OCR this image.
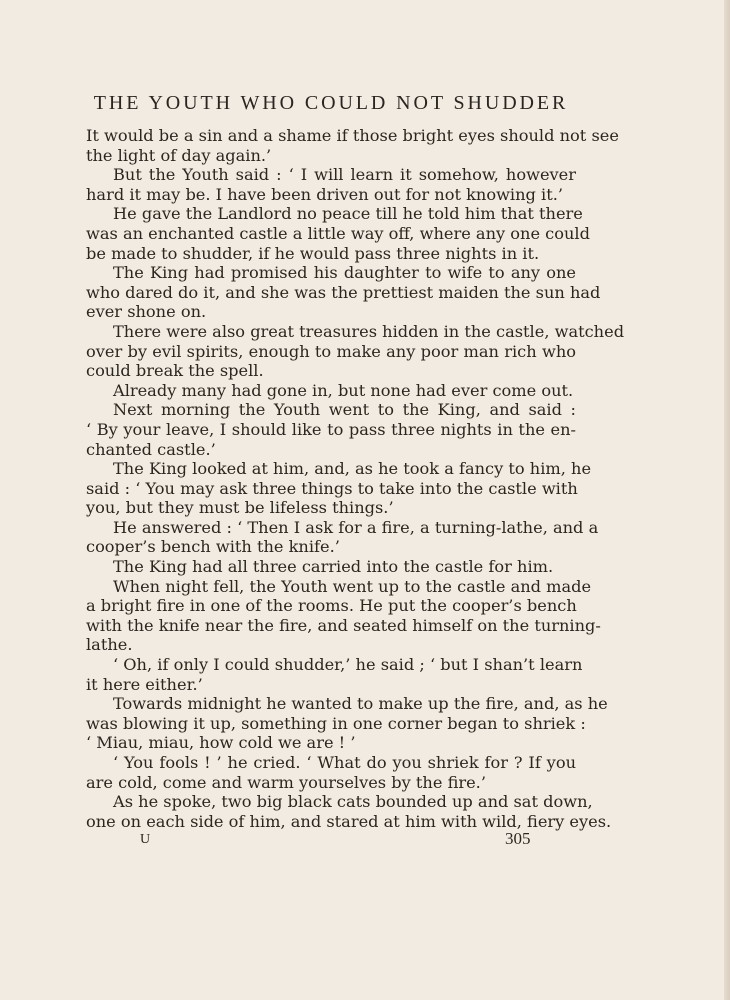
THE YOUTH WHO COULD NOT SHUDDER
It would be a sin and a shame if those bright eyes should not see
the light of day again.’
But the Youth said : ‘ I will learn it somehow, however
hard it may be. I have been driven out for not knowing it.’
He gave the Landlord no peace till he told him that there
was an enchanted castle a little way off, where any one could
be made to shudder, if he would pass three nights in it.
The King had promised his daughter to wife to any one
who dared do it, and she was the prettiest maiden the sun had
ever shone on.
There were also great treasures hidden in the castle, watched
over by evil spirits, enough to make any poor man rich who
could break the spell.
Already many had gone in, but none had ever come out.
Next morning the Youth went to the King, and said :
‘ By your leave, I should like to pass three nights in the en-
chanted castle.’
The King looked at him, and, as he took a fancy to him, he
said : ‘ You may ask three things to take into the castle with
you, but they must be lifeless things.’
He answered : ‘ Then I ask for a fire, a turning-lathe, and a
cooper’s bench with the knife.’
The King had all three carried into the castle for him.
When night fell, the Youth went up to the castle and made
a bright fire in one of the rooms. He put the cooper’s bench
with the knife near the fire, and seated himself on the turning-
lathe.
‘ Oh, if only I could shudder,’ he said ; ‘ but I shan’t learn
it here either.’
Towards midnight he wanted to make up the fire, and, as he
was blowing it up, something in one corner began to shriek :
‘ Miau, miau, how cold we are ! ’
‘ You fools ! ’ he cried. ‘ What do you shriek for ? If you
are cold, come and warm yourselves by the fire.’
As he spoke, two big black cats bounded up and sat down,
one on each side of him, and stared at him with wild, fiery eyes.
U	305
